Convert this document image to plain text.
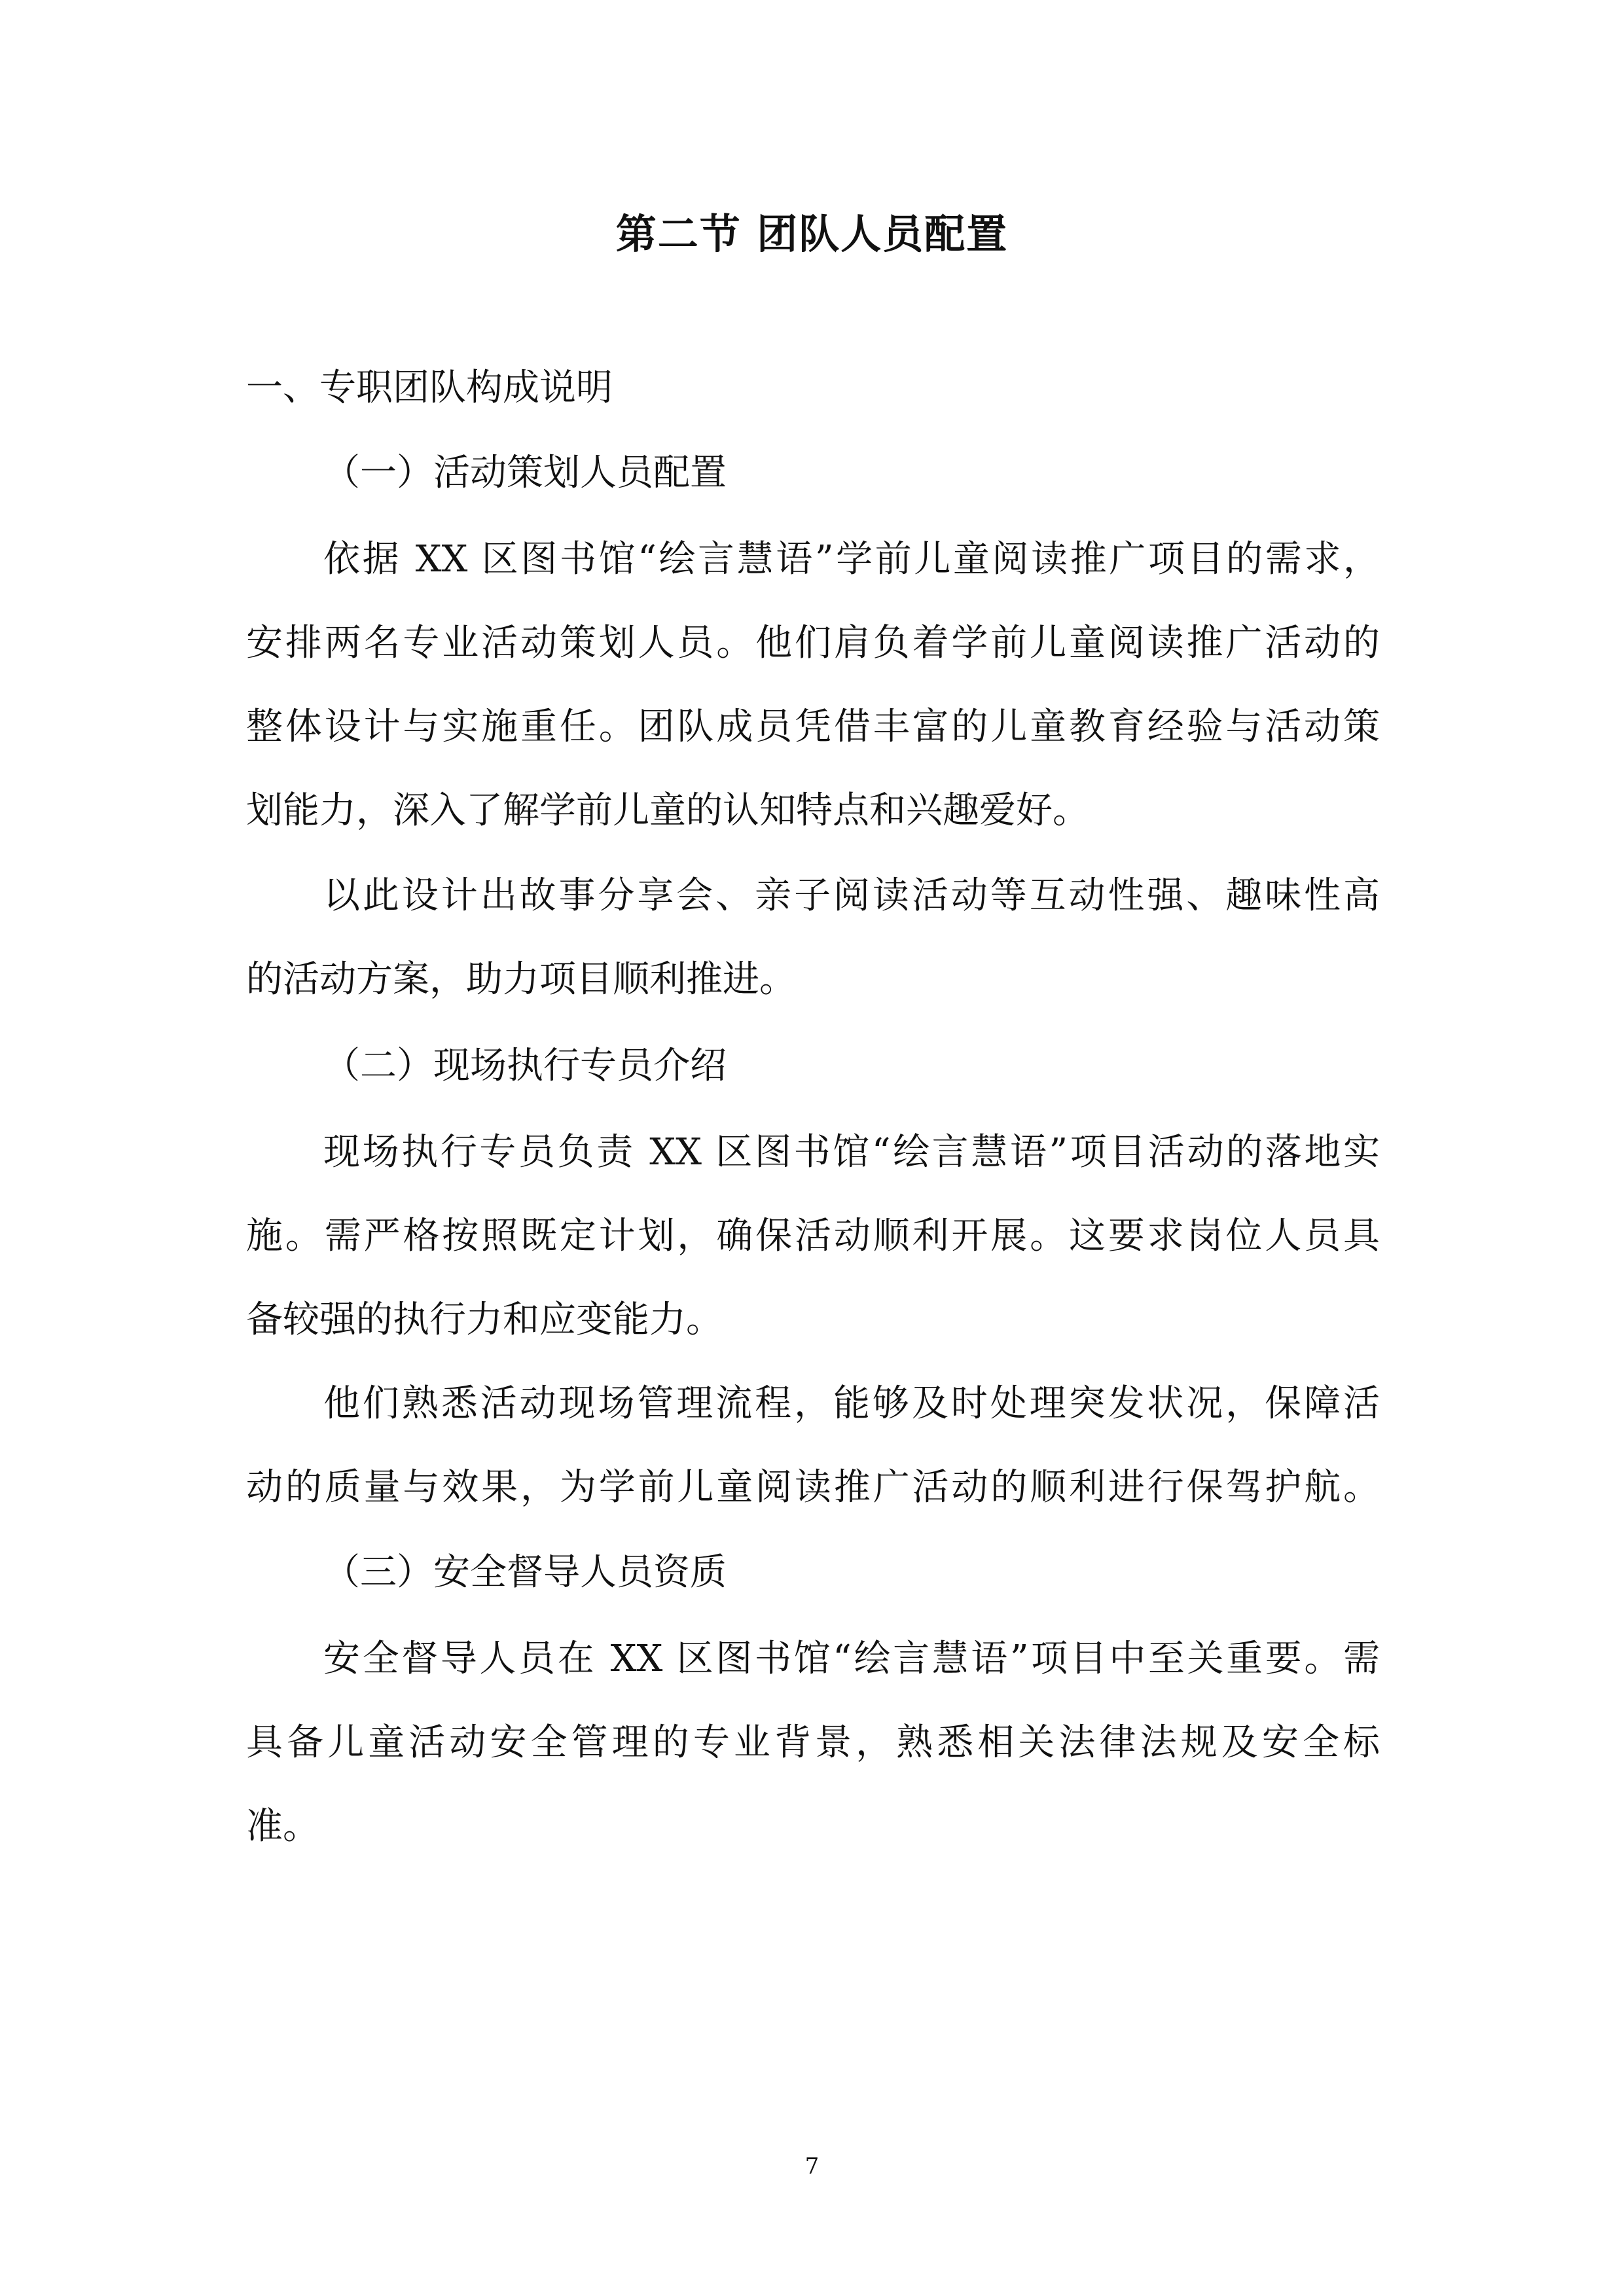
第二节 团队人员配置
一、专职团队构成说明
（一）活动策划人员配置
依据 XX 区图书馆“绘言慧语”学前儿童阅读推广项目的需求，
安排两名专业活动策划人员。他们肩负着学前儿童阅读推广活动的
整体设计与实施重任。团队成员凭借丰富的儿童教育经验与活动策
划能力，深入了解学前儿童的认知特点和兴趣爱好。
以此设计出故事分享会、亲子阅读活动等互动性强、趣味性高
的活动方案，助力项目顺利推进。
（二）现场执行专员介绍
现场执行专员负责 XX 区图书馆“绘言慧语”项目活动的落地实
施。需严格按照既定计划，确保活动顺利开展。这要求岗位人员具
备较强的执行力和应变能力。
他们熟悉活动现场管理流程，能够及时处理突发状况，保障活
动的质量与效果，为学前儿童阅读推广活动的顺利进行保驾护航。
（三）安全督导人员资质
安全督导人员在 XX 区图书馆“绘言慧语”项目中至关重要。需
具备儿童活动安全管理的专业背景，熟悉相关法律法规及安全标
准。
7
